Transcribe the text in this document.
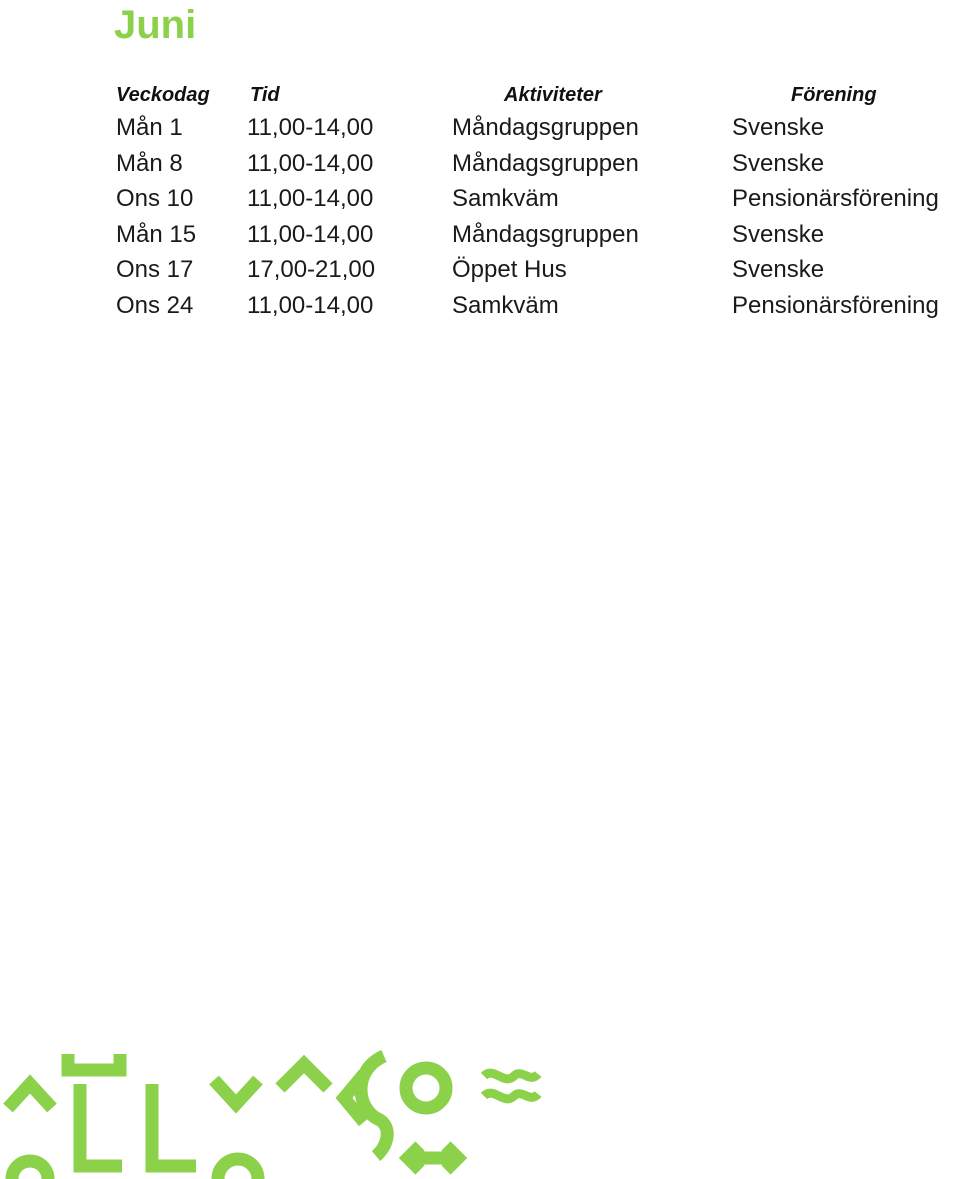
Juni
Veckodag Tid	Aktiviteter	Förening
Mån 1	11,00-14,00	Måndagsgruppen	Svenske
Mån 8	11,00-14,00	Måndagsgruppen	Svenske
Ons 10 11,00-14,00	Samkväm	Pensionärsförening
Mån 15 11,00-14,00	Måndagsgruppen	Svenske
Ons 17 17,00-21,00	Öppet Hus	Svenske
Ons 24 11,00-14,00	Samkväm	Pensionärsförening
